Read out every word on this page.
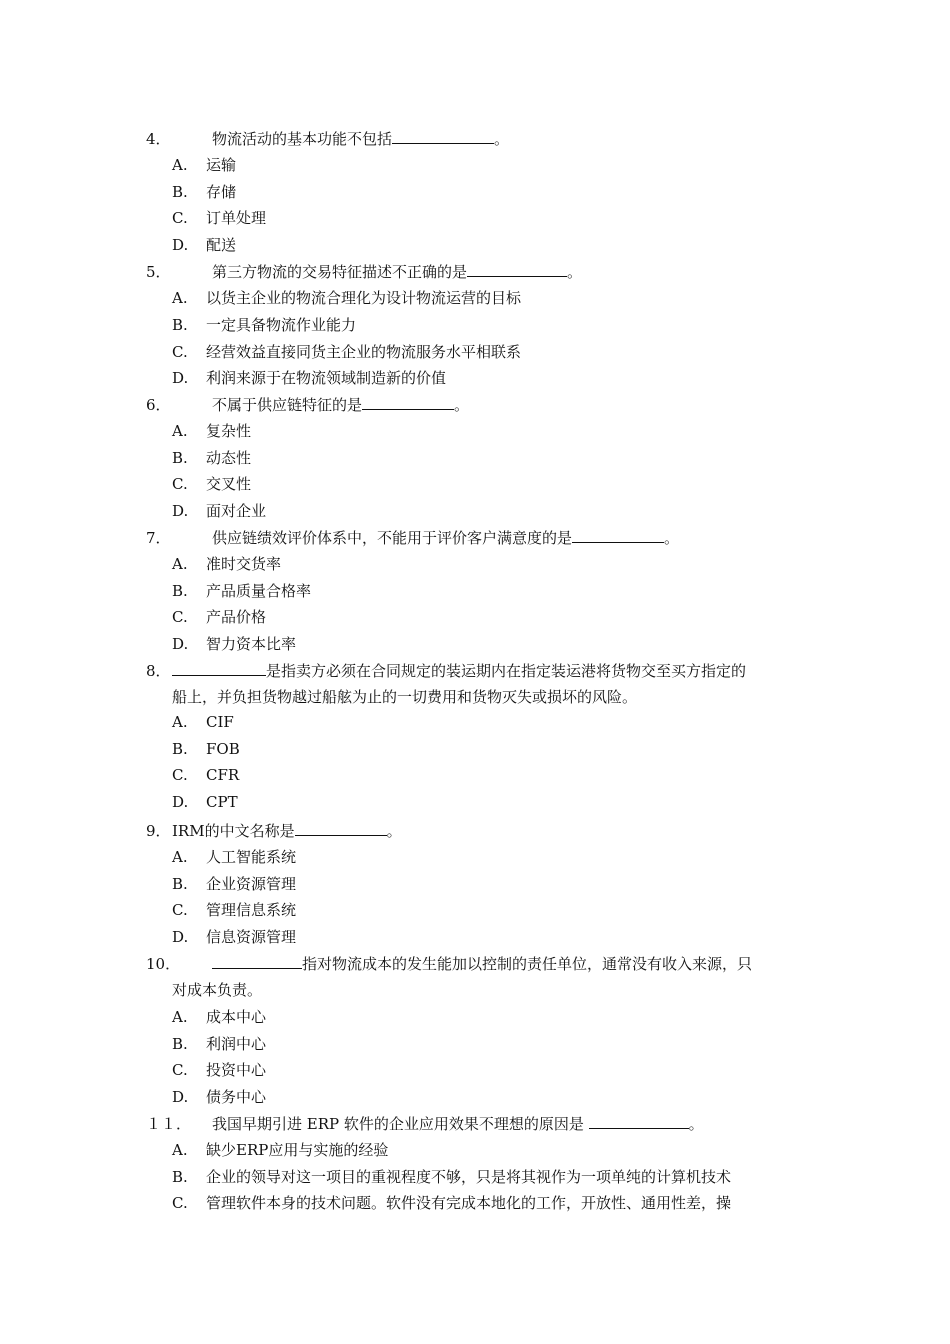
4．	物流活动的基本功能不包括	。
A. 运输
B. 存储
C. 订单处理
D. 配送
5．	第三方物流的交易特征描述不正确的是	。
A. 以货主企业的物流合理化为设计物流运营的目标
B. 一定具备物流作业能力
C. 经营效益直接同货主企业的物流服务水平相联系
D. 利润来源于在物流领域制造新的价值
6．	不属于供应链特征的是	。
A. 复杂性
B. 动态性
C. 交叉性
D. 面对企业
7．	供应链绩效评价体系中，不能用于评价客户满意度的是	。
A. 准时交货率
B. 产品质量合格率
C. 产品价格
D. 智力资本比率
8．	是指卖方必须在合同规定的装运期内在指定装运港将货物交至买方指定的
船上，并负担货物越过船舷为止的一切费用和货物灭失或损坏的风险。
A. CIF
B. FOB
C. CFR
D. CPT
9． IRM的中文名称是	。
A. 人工智能系统
B. 企业资源管理
C. 管理信息系统
D. 信息资源管理
10．	指对物流成本的发生能加以控制的责任单位，通常没有收入来源，只
对成本负责。
A. 成本中心
B. 利润中心
C. 投资中心
D. 债务中心
１１． 我国早期引进 ERP 软件的企业应用效果不理想的原因是	。
A. 缺少ERP应用与实施的经验
B. 企业的领导对这一项目的重视程度不够，只是将其视作为一项单纯的计算机技术
C. 管理软件本身的技术问题。软件没有完成本地化的工作，开放性、通用性差，操
